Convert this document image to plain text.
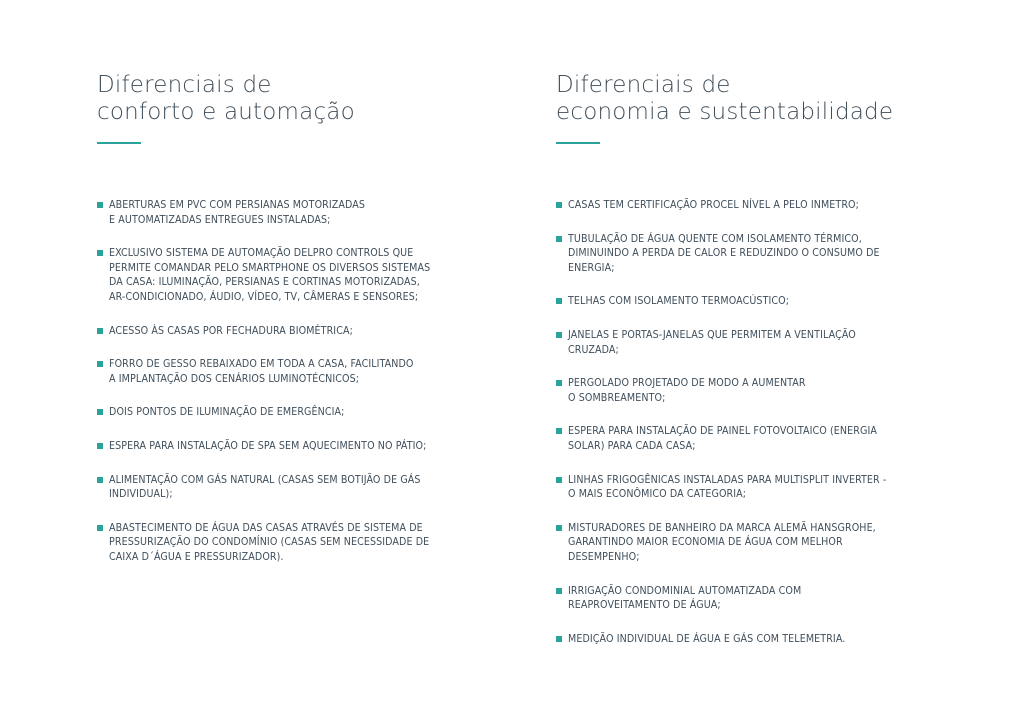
Diferenciais de
conforto e automação
ABERTURAS EM PVC COM PERSIANAS MOTORIZADAS
E AUTOMATIZADAS ENTREGUES INSTALADAS;
EXCLUSIVO SISTEMA DE AUTOMAÇÃO DELPRO CONTROLS QUE
PERMITE COMANDAR PELO SMARTPHONE OS DIVERSOS SISTEMAS
DA CASA: ILUMINAÇÃO, PERSIANAS E CORTINAS MOTORIZADAS,
AR-CONDICIONADO, ÁUDIO, VÍDEO, TV, CÂMERAS E SENSORES;
ACESSO ÀS CASAS POR FECHADURA BIOMÉTRICA;
FORRO DE GESSO REBAIXADO EM TODA A CASA, FACILITANDO
A IMPLANTAÇÃO DOS CENÁRIOS LUMINOTÉCNICOS;
DOIS PONTOS DE ILUMINAÇÃO DE EMERGÊNCIA;
ESPERA PARA INSTALAÇÃO DE SPA SEM AQUECIMENTO NO PÁTIO;
ALIMENTAÇÃO COM GÁS NATURAL (CASAS SEM BOTIJÃO DE GÁS
INDIVIDUAL);
ABASTECIMENTO DE ÁGUA DAS CASAS ATRAVÉS DE SISTEMA DE
PRESSURIZAÇÃO DO CONDOMÍNIO (CASAS SEM NECESSIDADE DE
CAIXA D´ÁGUA E PRESSURIZADOR).
Diferenciais de
economia e sustentabilidade
CASAS TEM CERTIFICAÇÃO PROCEL NÍVEL A PELO INMETRO;
TUBULAÇÃO DE ÁGUA QUENTE COM ISOLAMENTO TÉRMICO,
DIMINUINDO A PERDA DE CALOR E REDUZINDO O CONSUMO DE
ENERGIA;
TELHAS COM ISOLAMENTO TERMOACÚSTICO;
JANELAS E PORTAS-JANELAS QUE PERMITEM A VENTILAÇÃO
CRUZADA;
PERGOLADO PROJETADO DE MODO A AUMENTAR
O SOMBREAMENTO;
ESPERA PARA INSTALAÇÃO DE PAINEL FOTOVOLTAICO (ENERGIA
SOLAR) PARA CADA CASA;
LINHAS FRIGOGÊNICAS INSTALADAS PARA MULTISPLIT INVERTER -
O MAIS ECONÔMICO DA CATEGORIA;
MISTURADORES DE BANHEIRO DA MARCA ALEMÃ HANSGROHE,
GARANTINDO MAIOR ECONOMIA DE ÁGUA COM MELHOR
DESEMPENHO;
IRRIGAÇÃO CONDOMINIAL AUTOMATIZADA COM
REAPROVEITAMENTO DE ÁGUA;
MEDIÇÃO INDIVIDUAL DE ÁGUA E GÁS COM TELEMETRIA.
